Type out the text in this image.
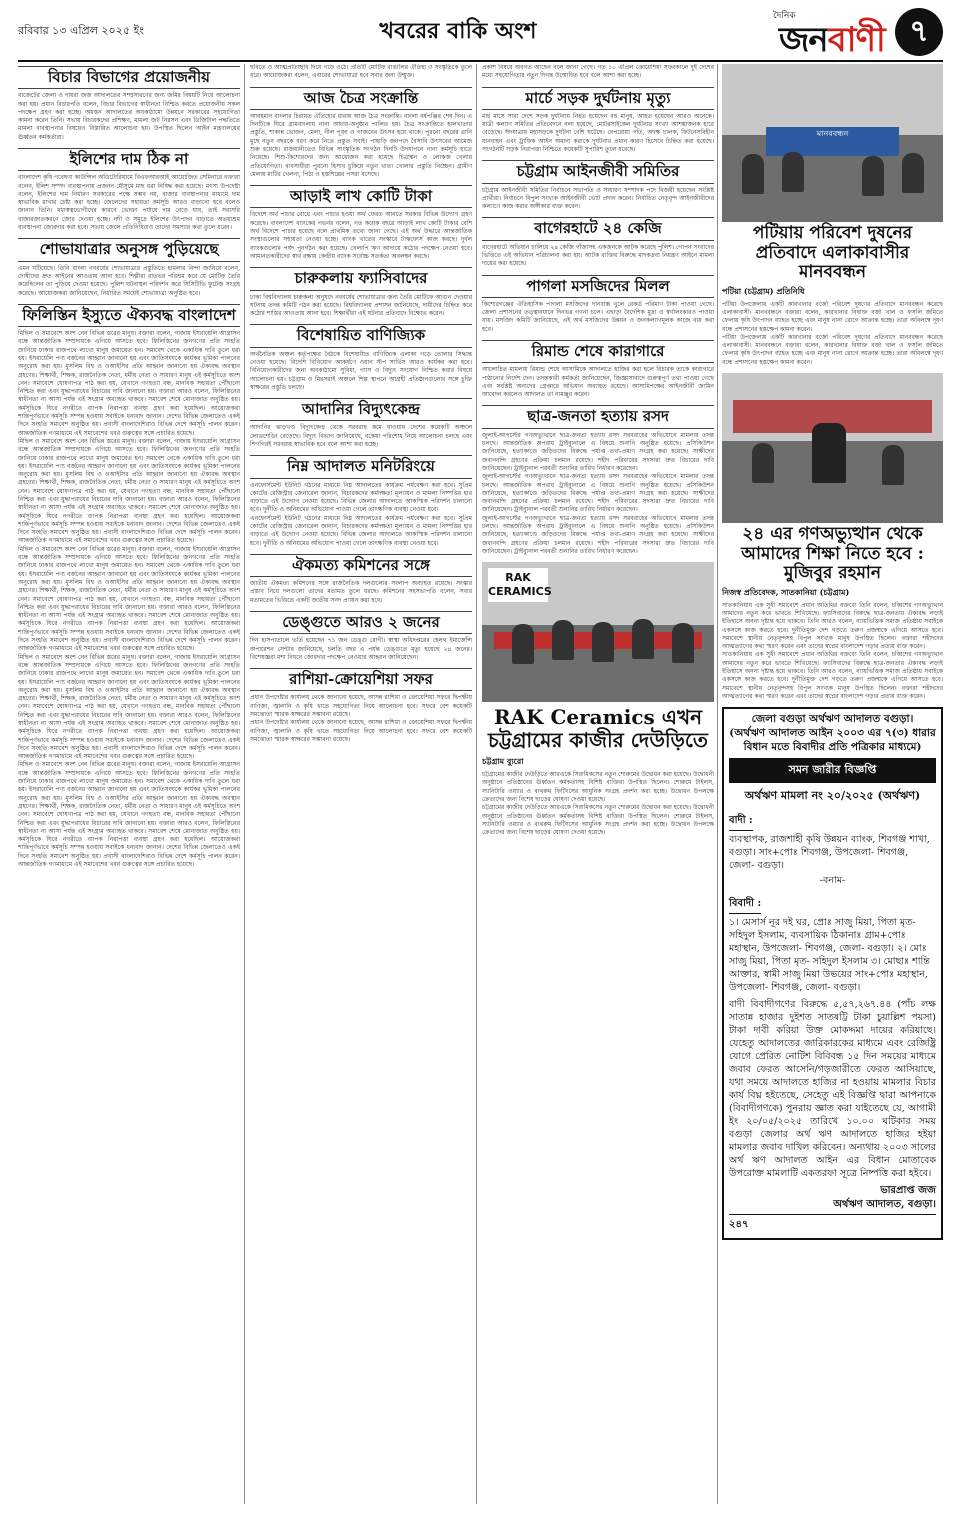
রবিবার ১৩ এপ্রিল ২০২৫ ইং	খবরের বাকি অংশ
দৈনিক
জনবাণী ৭
বিচার বিভাগের প্রয়োজনীয়

বাজেটের জেলা ও দায়রা জজ আদালতের সম্প্রসারণের জন্য জমির বিষয়টি নিয়ে আলোচনা করা হয়। প্রধান বিচারপতি বলেন, বিচার বিভাগের স্বাধীনতা নিশ্চিত করতে প্রয়োজনীয় সকল পদক্ষেপ গ্রহণ করা হচ্ছে। অধস্তন আদালতের অবকাঠামো উন্নয়নে সরকারের সহযোগিতা কামনা করেন তিনি। সভায় বিচারকদের প্রশিক্ষণ, মামলা জট নিরসন এবং ডিজিটাল পদ্ধতিতে মামলা ব্যবস্থাপনার বিষয়েও বিস্তারিত আলোচনা হয়। উপস্থিত ছিলেন আইন মন্ত্রণালয়ের ঊর্ধ্বতন কর্মকর্তারা।

ইলিশের দাম ঠিক না

বাংলাদেশ কৃষি গবেষণা কাউন্সিল অডিটোরিয়ামে বিএফআরআই আয়োজিত সেমিনারে বক্তারা বলেন, ইলিশ সম্পদ ব্যবস্থাপনায় প্রজনন মৌসুমে মাছ ধরা নিষিদ্ধ করা হয়েছে। মৎস্য উপদেষ্টা বলেন, ইলিশের দাম নির্ধারণ সরকারের পক্ষে সম্ভব নয়, বাজার ব্যবস্থাপনার মাধ্যমে দাম স্বাভাবিক রাখার চেষ্টা করা হচ্ছে। জেলেদের সহায়তা কর্মসূচি আরও বাড়ানো হবে বলেও জানান তিনি। মধ্যস্বত্বভোগীদের কারণে ভোক্তা পর্যায়ে দাম বেড়ে যায়, তাই সরাসরি বাজারজাতকরণে জোর দেওয়া হচ্ছে। নদী ও সমুদ্রে ইলিশের উৎপাদন বাড়াতে অভয়াশ্রম ব্যবস্থাপনা জোরদার করা হবে। সভায় জেলে প্রতিনিধিরাও তাদের সমস্যার কথা তুলে ধরেন।

শোভাযাত্রার অনুসঙ্গ পুড়িয়েছে

এমন ঘটিয়েছে। তিনি বাংলা নববর্ষের শোভাযাত্রার প্রস্তুতিতে হামলার নিন্দা জানিয়ে বলেন, দোষীদের দ্রুত আইনের আওতায় আনা হবে। শিল্পীরা রাতভর পরিশ্রম করে যে মোটিফ তৈরি করেছিলেন তা পুড়িয়ে দেওয়া হয়েছে। পুলিশ ঘটনাস্থল পরিদর্শন করে সিসিটিভি ফুটেজ সংগ্রহ করেছে। আয়োজকরা জানিয়েছেন, নির্ধারিত সময়েই শোভাযাত্রা অনুষ্ঠিত হবে।

ফিলিস্তিন ইস্যুতে ঐক্যবদ্ধ বাংলাদেশ

মিছিল ও সমাবেশে অংশ নেন বিভিন্ন স্তরের মানুষ। বক্তারা বলেন, গাজায় ইসরায়েলি আগ্রাসন বন্ধে আন্তর্জাতিক সম্প্রদায়কে এগিয়ে আসতে হবে। ফিলিস্তিনের জনগণের প্রতি সংহতি জানিয়ে ঢাকার রাজপথে লাখো মানুষ জমায়েত হন। সমাবেশ থেকে একাধিক দাবি তুলে ধরা হয়। ইসরায়েলি পণ্য বর্জনের আহ্বান জানানো হয় এবং জাতিসংঘকে কার্যকর ভূমিকা পালনের অনুরোধ করা হয়। মুসলিম বিশ্ব ও ওআইসির প্রতি আহ্বান জানানো হয় ঐক্যবদ্ধ অবস্থান গ্রহণের। শিক্ষার্থী, শিক্ষক, রাজনৈতিক নেতা, ধর্মীয় নেতা ও সাধারণ মানুষ এই কর্মসূচিতে অংশ নেন। সমাবেশে ঘোষণাপত্র পাঠ করা হয়, যেখানে গণহত্যা বন্ধ, মানবিক সহায়তা পৌঁছানো নিশ্চিত করা এবং যুদ্ধাপরাধের বিচারের দাবি জানানো হয়। বক্তারা আরও বলেন, ফিলিস্তিনের স্বাধীনতা না আসা পর্যন্ত এই সংগ্রাম অব্যাহত থাকবে। সমাবেশ শেষে মোনাজাত অনুষ্ঠিত হয়। কর্মসূচিকে ঘিরে নগরীতে ব্যাপক নিরাপত্তা ব্যবস্থা গ্রহণ করা হয়েছিল। আয়োজকরা শান্তিপূর্ণভাবে কর্মসূচি সম্পন্ন হওয়ায় সবাইকে ধন্যবাদ জানান। দেশের বিভিন্ন জেলাতেও একই দিনে সংহতি সমাবেশ অনুষ্ঠিত হয়। প্রবাসী বাংলাদেশিরাও বিভিন্ন দেশে কর্মসূচি পালন করেন। আন্তর্জাতিক গণমাধ্যমে এই সমাবেশের খবর গুরুত্বের সঙ্গে প্রচারিত হয়েছে।

মিছিল ও সমাবেশে অংশ নেন বিভিন্ন স্তরের মানুষ। বক্তারা বলেন, গাজায় ইসরায়েলি আগ্রাসন বন্ধে আন্তর্জাতিক সম্প্রদায়কে এগিয়ে আসতে হবে। ফিলিস্তিনের জনগণের প্রতি সংহতি জানিয়ে ঢাকার রাজপথে লাখো মানুষ জমায়েত হন। সমাবেশ থেকে একাধিক দাবি তুলে ধরা হয়। ইসরায়েলি পণ্য বর্জনের আহ্বান জানানো হয় এবং জাতিসংঘকে কার্যকর ভূমিকা পালনের অনুরোধ করা হয়। মুসলিম বিশ্ব ও ওআইসির প্রতি আহ্বান জানানো হয় ঐক্যবদ্ধ অবস্থান গ্রহণের। শিক্ষার্থী, শিক্ষক, রাজনৈতিক নেতা, ধর্মীয় নেতা ও সাধারণ মানুষ এই কর্মসূচিতে অংশ নেন। সমাবেশে ঘোষণাপত্র পাঠ করা হয়, যেখানে গণহত্যা বন্ধ, মানবিক সহায়তা পৌঁছানো নিশ্চিত করা এবং যুদ্ধাপরাধের বিচারের দাবি জানানো হয়। বক্তারা আরও বলেন, ফিলিস্তিনের স্বাধীনতা না আসা পর্যন্ত এই সংগ্রাম অব্যাহত থাকবে। সমাবেশ শেষে মোনাজাত অনুষ্ঠিত হয়। কর্মসূচিকে ঘিরে নগরীতে ব্যাপক নিরাপত্তা ব্যবস্থা গ্রহণ করা হয়েছিল। আয়োজকরা শান্তিপূর্ণভাবে কর্মসূচি সম্পন্ন হওয়ায় সবাইকে ধন্যবাদ জানান। দেশের বিভিন্ন জেলাতেও একই দিনে সংহতি সমাবেশ অনুষ্ঠিত হয়। প্রবাসী বাংলাদেশিরাও বিভিন্ন দেশে কর্মসূচি পালন করেন। আন্তর্জাতিক গণমাধ্যমে এই সমাবেশের খবর গুরুত্বের সঙ্গে প্রচারিত হয়েছে।

মিছিল ও সমাবেশে অংশ নেন বিভিন্ন স্তরের মানুষ। বক্তারা বলেন, গাজায় ইসরায়েলি আগ্রাসন বন্ধে আন্তর্জাতিক সম্প্রদায়কে এগিয়ে আসতে হবে। ফিলিস্তিনের জনগণের প্রতি সংহতি জানিয়ে ঢাকার রাজপথে লাখো মানুষ জমায়েত হন। সমাবেশ থেকে একাধিক দাবি তুলে ধরা হয়। ইসরায়েলি পণ্য বর্জনের আহ্বান জানানো হয় এবং জাতিসংঘকে কার্যকর ভূমিকা পালনের অনুরোধ করা হয়। মুসলিম বিশ্ব ও ওআইসির প্রতি আহ্বান জানানো হয় ঐক্যবদ্ধ অবস্থান গ্রহণের। শিক্ষার্থী, শিক্ষক, রাজনৈতিক নেতা, ধর্মীয় নেতা ও সাধারণ মানুষ এই কর্মসূচিতে অংশ নেন। সমাবেশে ঘোষণাপত্র পাঠ করা হয়, যেখানে গণহত্যা বন্ধ, মানবিক সহায়তা পৌঁছানো নিশ্চিত করা এবং যুদ্ধাপরাধের বিচারের দাবি জানানো হয়। বক্তারা আরও বলেন, ফিলিস্তিনের স্বাধীনতা না আসা পর্যন্ত এই সংগ্রাম অব্যাহত থাকবে। সমাবেশ শেষে মোনাজাত অনুষ্ঠিত হয়। কর্মসূচিকে ঘিরে নগরীতে ব্যাপক নিরাপত্তা ব্যবস্থা গ্রহণ করা হয়েছিল। আয়োজকরা শান্তিপূর্ণভাবে কর্মসূচি সম্পন্ন হওয়ায় সবাইকে ধন্যবাদ জানান। দেশের বিভিন্ন জেলাতেও একই দিনে সংহতি সমাবেশ অনুষ্ঠিত হয়। প্রবাসী বাংলাদেশিরাও বিভিন্ন দেশে কর্মসূচি পালন করেন। আন্তর্জাতিক গণমাধ্যমে এই সমাবেশের খবর গুরুত্বের সঙ্গে প্রচারিত হয়েছে।

মিছিল ও সমাবেশে অংশ নেন বিভিন্ন স্তরের মানুষ। বক্তারা বলেন, গাজায় ইসরায়েলি আগ্রাসন বন্ধে আন্তর্জাতিক সম্প্রদায়কে এগিয়ে আসতে হবে। ফিলিস্তিনের জনগণের প্রতি সংহতি জানিয়ে ঢাকার রাজপথে লাখো মানুষ জমায়েত হন। সমাবেশ থেকে একাধিক দাবি তুলে ধরা হয়। ইসরায়েলি পণ্য বর্জনের আহ্বান জানানো হয় এবং জাতিসংঘকে কার্যকর ভূমিকা পালনের অনুরোধ করা হয়। মুসলিম বিশ্ব ও ওআইসির প্রতি আহ্বান জানানো হয় ঐক্যবদ্ধ অবস্থান গ্রহণের। শিক্ষার্থী, শিক্ষক, রাজনৈতিক নেতা, ধর্মীয় নেতা ও সাধারণ মানুষ এই কর্মসূচিতে অংশ নেন। সমাবেশে ঘোষণাপত্র পাঠ করা হয়, যেখানে গণহত্যা বন্ধ, মানবিক সহায়তা পৌঁছানো নিশ্চিত করা এবং যুদ্ধাপরাধের বিচারের দাবি জানানো হয়। বক্তারা আরও বলেন, ফিলিস্তিনের স্বাধীনতা না আসা পর্যন্ত এই সংগ্রাম অব্যাহত থাকবে। সমাবেশ শেষে মোনাজাত অনুষ্ঠিত হয়। কর্মসূচিকে ঘিরে নগরীতে ব্যাপক নিরাপত্তা ব্যবস্থা গ্রহণ করা হয়েছিল। আয়োজকরা শান্তিপূর্ণভাবে কর্মসূচি সম্পন্ন হওয়ায় সবাইকে ধন্যবাদ জানান। দেশের বিভিন্ন জেলাতেও একই দিনে সংহতি সমাবেশ অনুষ্ঠিত হয়। প্রবাসী বাংলাদেশিরাও বিভিন্ন দেশে কর্মসূচি পালন করেন। আন্তর্জাতিক গণমাধ্যমে এই সমাবেশের খবর গুরুত্বের সঙ্গে প্রচারিত হয়েছে।

মিছিল ও সমাবেশে অংশ নেন বিভিন্ন স্তরের মানুষ। বক্তারা বলেন, গাজায় ইসরায়েলি আগ্রাসন বন্ধে আন্তর্জাতিক সম্প্রদায়কে এগিয়ে আসতে হবে। ফিলিস্তিনের জনগণের প্রতি সংহতি জানিয়ে ঢাকার রাজপথে লাখো মানুষ জমায়েত হন। সমাবেশ থেকে একাধিক দাবি তুলে ধরা হয়। ইসরায়েলি পণ্য বর্জনের আহ্বান জানানো হয় এবং জাতিসংঘকে কার্যকর ভূমিকা পালনের অনুরোধ করা হয়। মুসলিম বিশ্ব ও ওআইসির প্রতি আহ্বান জানানো হয় ঐক্যবদ্ধ অবস্থান গ্রহণের। শিক্ষার্থী, শিক্ষক, রাজনৈতিক নেতা, ধর্মীয় নেতা ও সাধারণ মানুষ এই কর্মসূচিতে অংশ নেন। সমাবেশে ঘোষণাপত্র পাঠ করা হয়, যেখানে গণহত্যা বন্ধ, মানবিক সহায়তা পৌঁছানো নিশ্চিত করা এবং যুদ্ধাপরাধের বিচারের দাবি জানানো হয়। বক্তারা আরও বলেন, ফিলিস্তিনের স্বাধীনতা না আসা পর্যন্ত এই সংগ্রাম অব্যাহত থাকবে। সমাবেশ শেষে মোনাজাত অনুষ্ঠিত হয়। কর্মসূচিকে ঘিরে নগরীতে ব্যাপক নিরাপত্তা ব্যবস্থা গ্রহণ করা হয়েছিল। আয়োজকরা শান্তিপূর্ণভাবে কর্মসূচি সম্পন্ন হওয়ায় সবাইকে ধন্যবাদ জানান। দেশের বিভিন্ন জেলাতেও একই দিনে সংহতি সমাবেশ অনুষ্ঠিত হয়। প্রবাসী বাংলাদেশিরাও বিভিন্ন দেশে কর্মসূচি পালন করেন। আন্তর্জাতিক গণমাধ্যমে এই সমাবেশের খবর গুরুত্বের সঙ্গে প্রচারিত হয়েছে।

ছবিতে ও আত্মপ্রতিচ্ছবি দিয়ে গড়ে ওঠে। প্রতিটি মোটিফ বাঙালির ঐতিহ্য ও সংস্কৃতিকে তুলে ধরে। আয়োজকরা বলেন, এবারের শোভাযাত্রা হবে সবার জন্য উন্মুক্ত।

আজ চৈত্র সংক্রান্তি

আবহমান বাংলার চিরায়ত ঐতিহ্যের ধারায় আজ চৈত্র সংক্রান্তি। বাংলা বর্ষপঞ্জির শেষ দিন। এ দিনটিকে ঘিরে গ্রামবাংলায় নানা আচার-অনুষ্ঠান পালিত হয়। চৈত্র সংক্রান্তিতে হালখাতার প্রস্তুতি, শাকান্ন ভোজন, মেলা, নীল পূজা ও গাজনের উৎসব হয়ে থাকে। পুরনো বছরের গ্লানি মুছে নতুন বছরকে বরণ করে নিতে প্রস্তুত সবাই। পাহাড়ি জনপদে বৈসাবি উৎসবের আমেজ শুরু হয়েছে। রাজধানীতেও বিভিন্ন সাংস্কৃতিক সংগঠন দিনটি উদযাপনে নানা কর্মসূচি হাতে নিয়েছে। শিশু-কিশোরদের জন্য আয়োজন করা হয়েছে চিত্রাঙ্কন ও লোকজ খেলার প্রতিযোগিতা। ব্যবসায়ীরা পুরনো হিসাব চুকিয়ে নতুন খাতা খোলার প্রস্তুতি নিচ্ছেন। গ্রামীণ মেলায় মাটির খেলনা, পিঠা ও হস্তশিল্পের পসরা বসেছে।

আড়াই লাখ কোটি টাকা

বিদেশে অর্থ পাচার রোধে এবং পাচার হওয়া অর্থ ফেরত আনতে সরকার বিভিন্ন উদ্যোগ গ্রহণ করেছে। বাংলাদেশ ব্যাংকের গভর্নর বলেন, গত কয়েক বছরে আড়াই লাখ কোটি টাকার বেশি অর্থ বিদেশে পাচার হয়েছে বলে প্রাথমিক তথ্যে জানা গেছে। এই অর্থ উদ্ধারে আন্তর্জাতিক সংস্থাগুলোর সহায়তা নেওয়া হচ্ছে। ব্যাংক খাতের সংস্কারে টাস্কফোর্স কাজ করছে। দুর্বল ব্যাংকগুলোর পর্ষদ পুনর্গঠন করা হয়েছে। খেলাপি ঋণ আদায়ে কঠোর পদক্ষেপ নেওয়া হবে। আমানতকারীদের স্বার্থ রক্ষায় কেন্দ্রীয় ব্যাংক সর্বোচ্চ সতর্কতা অবলম্বন করছে।

চারুকলায় ফ্যাসিবাদের

ঢাকা বিশ্ববিদ্যালয় চারুকলা অনুষদে নববর্ষের শোভাযাত্রার জন্য তৈরি মোটিফে আগুন দেওয়ার ঘটনায় তদন্ত কমিটি গঠন করা হয়েছে। বিশ্ববিদ্যালয় প্রশাসন জানিয়েছে, দায়ীদের চিহ্নিত করে কঠোর শাস্তির আওতায় আনা হবে। শিক্ষার্থীরা এই ঘটনার প্রতিবাদে বিক্ষোভ করেন।

বিশেষায়িত বাণিজ্যিক

অর্থনৈতিক অঞ্চল কর্তৃপক্ষের বৈঠকে বিশেষায়িত বাণিজ্যিক এলাকা গড়ে তোলার সিদ্ধান্ত নেওয়া হয়েছে। বিদেশি বিনিয়োগ আকর্ষণে ওয়ান স্টপ সার্ভিস আরও কার্যকর করা হবে। বিনিয়োগকারীদের জন্য অবকাঠামো সুবিধা, গ্যাস ও বিদ্যুৎ সংযোগ নিশ্চিত করার বিষয়ে আলোচনা হয়। চট্টগ্রাম ও মিরসরাই অঞ্চলে শিল্প স্থাপনে আগ্রহী প্রতিষ্ঠানগুলোর সঙ্গে চুক্তি স্বাক্ষরের প্রস্তুতি চলছে।

আদানির বিদ্যুৎকেন্দ্র

আদানির ঝাড়খণ্ড বিদ্যুৎকেন্দ্র থেকে সরবরাহ কমে যাওয়ায় দেশের কয়েকটি অঞ্চলে লোডশেডিং বেড়েছে। বিদ্যুৎ বিভাগ জানিয়েছে, বকেয়া পরিশোধ নিয়ে আলোচনা চলছে এবং শিগগিরই সরবরাহ স্বাভাবিক হবে বলে আশা করা হচ্ছে।

নিম্ন আদালত মনিটরিংয়ে

এনফোর্সমেন্ট ইউনিট গঠনের মাধ্যমে নিম্ন আদালতের কার্যক্রম পর্যবেক্ষণ করা হবে। সুপ্রিম কোর্টের রেজিস্ট্রার জেনারেল জানান, বিচারকদের কর্মদক্ষতা মূল্যায়ন ও মামলা নিষ্পত্তির হার বাড়াতে এই উদ্যোগ নেওয়া হয়েছে। বিভিন্ন জেলার আদালতে আকস্মিক পরিদর্শন চালানো হবে। দুর্নীতি ও অনিয়মের অভিযোগ পাওয়া গেলে তাৎক্ষণিক ব্যবস্থা নেওয়া হবে।

এনফোর্সমেন্ট ইউনিট গঠনের মাধ্যমে নিম্ন আদালতের কার্যক্রম পর্যবেক্ষণ করা হবে। সুপ্রিম কোর্টের রেজিস্ট্রার জেনারেল জানান, বিচারকদের কর্মদক্ষতা মূল্যায়ন ও মামলা নিষ্পত্তির হার বাড়াতে এই উদ্যোগ নেওয়া হয়েছে। বিভিন্ন জেলার আদালতে আকস্মিক পরিদর্শন চালানো হবে। দুর্নীতি ও অনিয়মের অভিযোগ পাওয়া গেলে তাৎক্ষণিক ব্যবস্থা নেওয়া হবে।

ঐকমত্য কমিশনের সঙ্গে

জাতীয় ঐকমত্য কমিশনের সঙ্গে রাজনৈতিক দলগুলোর সংলাপ অব্যাহত রয়েছে। সংস্কার প্রস্তাব নিয়ে দলগুলো তাদের মতামত তুলে ধরছে। কমিশনের সহসভাপতি বলেন, সবার মতামতের ভিত্তিতে একটি জাতীয় সনদ প্রণয়ন করা হবে।

ডেঙ্গুতে আরও ২ জনের

দিন হাসপাতালে ভর্তি হয়েছেন ৭১ জন ডেঙ্গু রোগী। স্বাস্থ্য অধিদপ্তরের হেলথ ইমার্জেন্সি অপারেশন সেন্টার জানিয়েছে, চলতি বছর এ পর্যন্ত ডেঙ্গুতে মৃত্যু হয়েছে ২৪ জনের। বিশেষজ্ঞরা মশা নিধনে জোরদার পদক্ষেপ নেওয়ার আহ্বান জানিয়েছেন।

রাশিয়া-ক্রোয়েশিয়া সফর

প্রধান উপদেষ্টার কার্যালয় থেকে জানানো হয়েছে, আসন্ন রাশিয়া ও ক্রোয়েশিয়া সফরে দ্বিপক্ষীয় বাণিজ্য, জ্বালানি ও কৃষি খাতে সহযোগিতা নিয়ে আলোচনা হবে। সফরে বেশ কয়েকটি সমঝোতা স্মারক স্বাক্ষরের সম্ভাবনা রয়েছে।

প্রধান উপদেষ্টার কার্যালয় থেকে জানানো হয়েছে, আসন্ন রাশিয়া ও ক্রোয়েশিয়া সফরে দ্বিপক্ষীয় বাণিজ্য, জ্বালানি ও কৃষি খাতে সহযোগিতা নিয়ে আলোচনা হবে। সফরে বেশ কয়েকটি সমঝোতা স্মারক স্বাক্ষরের সম্ভাবনা রয়েছে।

প্রকাশ বিষয়ে অবগত আছেন বলে জানা গেছে। গত ১০ এপ্রিল ক্রোয়েশিয়া সফরকালে দুই দেশের মধ্যে সহযোগিতার নতুন দিগন্ত উন্মোচিত হবে বলে আশা করা হচ্ছে।

মার্চে সড়ক দুর্ঘটনায় মৃত্যু

মার্চ মাসে সারা দেশে সড়ক দুর্ঘটনায় নিহত হয়েছেন বহু মানুষ, আহত হয়েছেন আরও অনেকে। যাত্রী কল্যাণ সমিতির প্রতিবেদনে বলা হয়েছে, মোটরসাইকেল দুর্ঘটনার সংখ্যা আশঙ্কাজনক হারে বেড়েছে। ঈদযাত্রায় মহাসড়কে দুর্ঘটনা বেশি ঘটেছে। বেপরোয়া গতি, অদক্ষ চালক, ফিটনেসবিহীন যানবাহন এবং ট্রাফিক আইন অমান্য করাকে দুর্ঘটনার প্রধান কারণ হিসেবে চিহ্নিত করা হয়েছে। সংগঠনটি সড়ক নিরাপত্তা নিশ্চিতে কয়েকটি সুপারিশ তুলে ধরেছে।

চট্টগ্রাম আইনজীবী সমিতির

চট্টগ্রাম আইনজীবী সমিতির নির্বাচনে সভাপতি ও সাধারণ সম্পাদক পদে বিজয়ী হয়েছেন সংশ্লিষ্ট প্রার্থীরা। নির্বাচনে বিপুল সংখ্যক আইনজীবী ভোট প্রদান করেন। নির্বাচিত নেতৃবৃন্দ আইনজীবীদের কল্যাণে কাজ করার অঙ্গীকার ব্যক্ত করেন।

বাগেরহাটে ২৪ কেজি

বাগেরহাটে অভিযান চালিয়ে ২৪ কেজি গাঁজাসহ একজনকে আটক করেছে পুলিশ। গোপন সংবাদের ভিত্তিতে এই অভিযান পরিচালনা করা হয়। আটক ব্যক্তির বিরুদ্ধে মাদকদ্রব্য নিয়ন্ত্রণ আইনে মামলা দায়ের করা হয়েছে।

পাগলা মসজিদের মিলল

কিশোরগঞ্জের ঐতিহাসিক পাগলা মসজিদের দানবাক্স খুলে রেকর্ড পরিমাণ টাকা পাওয়া গেছে। জেলা প্রশাসনের তত্ত্বাবধানে দিনভর গণনা চলে। এছাড়া বৈদেশিক মুদ্রা ও স্বর্ণালংকারও পাওয়া যায়। মসজিদ কমিটি জানিয়েছে, এই অর্থ মসজিদের উন্নয়ন ও জনকল্যাণমূলক কাজে ব্যয় করা হবে।

রিমান্ড শেষে কারাগারে

আলোচিত মামলায় রিমান্ড শেষে আসামিকে আদালতে হাজির করা হলে বিচারক তাকে কারাগারে পাঠানোর নির্দেশ দেন। তদন্তকারী কর্মকর্তা জানিয়েছেন, জিজ্ঞাসাবাদে গুরুত্বপূর্ণ তথ্য পাওয়া গেছে এবং সংশ্লিষ্ট অন্যদের গ্রেপ্তারে অভিযান অব্যাহত রয়েছে। আসামিপক্ষের আইনজীবী জামিন আবেদন করলেও আদালত তা নামঞ্জুর করেন।

ছাত্র-জনতা হত্যায় রসদ

জুলাই-আগস্টের গণঅভ্যুত্থানে ছাত্র-জনতা হত্যায় রসদ সরবরাহের অভিযোগে মামলার তদন্ত চলছে। আন্তর্জাতিক অপরাধ ট্রাইব্যুনালে এ বিষয়ে শুনানি অনুষ্ঠিত হয়েছে। প্রসিকিউশন জানিয়েছে, হত্যাকাণ্ডে জড়িতদের বিরুদ্ধে পর্যাপ্ত তথ্য-প্রমাণ সংগ্রহ করা হয়েছে। সাক্ষীদের জবানবন্দি গ্রহণের প্রক্রিয়া চলমান রয়েছে। শহীদ পরিবারের সদস্যরা দ্রুত বিচারের দাবি জানিয়েছেন। ট্রাইব্যুনাল পরবর্তী শুনানির তারিখ নির্ধারণ করেছেন।

জুলাই-আগস্টের গণঅভ্যুত্থানে ছাত্র-জনতা হত্যায় রসদ সরবরাহের অভিযোগে মামলার তদন্ত চলছে। আন্তর্জাতিক অপরাধ ট্রাইব্যুনালে এ বিষয়ে শুনানি অনুষ্ঠিত হয়েছে। প্রসিকিউশন জানিয়েছে, হত্যাকাণ্ডে জড়িতদের বিরুদ্ধে পর্যাপ্ত তথ্য-প্রমাণ সংগ্রহ করা হয়েছে। সাক্ষীদের জবানবন্দি গ্রহণের প্রক্রিয়া চলমান রয়েছে। শহীদ পরিবারের সদস্যরা দ্রুত বিচারের দাবি জানিয়েছেন। ট্রাইব্যুনাল পরবর্তী শুনানির তারিখ নির্ধারণ করেছেন।

জুলাই-আগস্টের গণঅভ্যুত্থানে ছাত্র-জনতা হত্যায় রসদ সরবরাহের অভিযোগে মামলার তদন্ত চলছে। আন্তর্জাতিক অপরাধ ট্রাইব্যুনালে এ বিষয়ে শুনানি অনুষ্ঠিত হয়েছে। প্রসিকিউশন জানিয়েছে, হত্যাকাণ্ডে জড়িতদের বিরুদ্ধে পর্যাপ্ত তথ্য-প্রমাণ সংগ্রহ করা হয়েছে। সাক্ষীদের জবানবন্দি গ্রহণের প্রক্রিয়া চলমান রয়েছে। শহীদ পরিবারের সদস্যরা দ্রুত বিচারের দাবি জানিয়েছেন। ট্রাইব্যুনাল পরবর্তী শুনানির তারিখ নির্ধারণ করেছেন।

RAK CERAMICS
RAK Ceramics এখন চট্টগ্রামের কাজীর দেউড়িতে
চট্টগ্রাম ব্যুরো

চট্টগ্রামের কাজীর দেউড়িতে আরএকে সিরামিকসের নতুন শোরুমের উদ্বোধন করা হয়েছে। উদ্বোধনী অনুষ্ঠানে প্রতিষ্ঠানের ঊর্ধ্বতন কর্মকর্তাসহ বিশিষ্ট ব্যক্তিরা উপস্থিত ছিলেন। শোরুমে টাইলস, স্যানিটারি ওয়্যার ও বাথরুম ফিটিংসের আধুনিক সংগ্রহ প্রদর্শন করা হচ্ছে। উদ্বোধন উপলক্ষে ক্রেতাদের জন্য বিশেষ ছাড়ের ঘোষণা দেওয়া হয়েছে।

চট্টগ্রামের কাজীর দেউড়িতে আরএকে সিরামিকসের নতুন শোরুমের উদ্বোধন করা হয়েছে। উদ্বোধনী অনুষ্ঠানে প্রতিষ্ঠানের ঊর্ধ্বতন কর্মকর্তাসহ বিশিষ্ট ব্যক্তিরা উপস্থিত ছিলেন। শোরুমে টাইলস, স্যানিটারি ওয়্যার ও বাথরুম ফিটিংসের আধুনিক সংগ্রহ প্রদর্শন করা হচ্ছে। উদ্বোধন উপলক্ষে ক্রেতাদের জন্য বিশেষ ছাড়ের ঘোষণা দেওয়া হয়েছে।

মানববন্ধন
পটিয়ায় পরিবেশ দুষনের প্রতিবাদে এলাকাবাসীর মানববন্ধন
পটিয়া (চট্টগ্রাম) প্রতিনিধি

পটিয়া উপজেলায় একটি কারখানার বর্জ্যে পরিবেশ দূষণের প্রতিবাদে মানববন্ধন করেছে এলাকাবাসী। মানববন্ধনে বক্তারা বলেন, কারখানার বিষাক্ত বর্জ্য খাল ও ফসলি জমিতে ফেলায় কৃষি উৎপাদন ব্যাহত হচ্ছে এবং মানুষ নানা রোগে আক্রান্ত হচ্ছে। তারা অবিলম্বে দূষণ বন্ধে প্রশাসনের হস্তক্ষেপ কামনা করেন।

পটিয়া উপজেলায় একটি কারখানার বর্জ্যে পরিবেশ দূষণের প্রতিবাদে মানববন্ধন করেছে এলাকাবাসী। মানববন্ধনে বক্তারা বলেন, কারখানার বিষাক্ত বর্জ্য খাল ও ফসলি জমিতে ফেলায় কৃষি উৎপাদন ব্যাহত হচ্ছে এবং মানুষ নানা রোগে আক্রান্ত হচ্ছে। তারা অবিলম্বে দূষণ বন্ধে প্রশাসনের হস্তক্ষেপ কামনা করেন।

২৪ এর গণঅভ্যুত্থান থেকে আমাদের শিক্ষা নিতে হবে : মুজিবুর রহমান
নিজস্ব প্রতিবেদক, সাতকানিয়া (চট্টগ্রাম)

সাতকানিয়ায় এক সুধী সমাবেশে প্রধান অতিথির বক্তব্যে তিনি বলেন, চব্বিশের গণঅভ্যুত্থান আমাদের নতুন করে ভাবতে শিখিয়েছে। ফ্যাসিবাদের বিরুদ্ধে ছাত্র-জনতার ঐক্যবদ্ধ লড়াই ইতিহাসে অনন্য দৃষ্টান্ত হয়ে থাকবে। তিনি আরও বলেন, ন্যায়ভিত্তিক সমাজ প্রতিষ্ঠায় সবাইকে একসঙ্গে কাজ করতে হবে। দুর্নীতিমুক্ত দেশ গড়তে তরুণ প্রজন্মকে এগিয়ে আসতে হবে। সমাবেশে স্থানীয় নেতৃবৃন্দসহ বিপুল সংখ্যক মানুষ উপস্থিত ছিলেন। বক্তারা শহীদদের আত্মত্যাগের কথা স্মরণ করেন এবং তাদের স্বপ্নের বাংলাদেশ গড়ার প্রত্যয় ব্যক্ত করেন।

সাতকানিয়ায় এক সুধী সমাবেশে প্রধান অতিথির বক্তব্যে তিনি বলেন, চব্বিশের গণঅভ্যুত্থান আমাদের নতুন করে ভাবতে শিখিয়েছে। ফ্যাসিবাদের বিরুদ্ধে ছাত্র-জনতার ঐক্যবদ্ধ লড়াই ইতিহাসে অনন্য দৃষ্টান্ত হয়ে থাকবে। তিনি আরও বলেন, ন্যায়ভিত্তিক সমাজ প্রতিষ্ঠায় সবাইকে একসঙ্গে কাজ করতে হবে। দুর্নীতিমুক্ত দেশ গড়তে তরুণ প্রজন্মকে এগিয়ে আসতে হবে। সমাবেশে স্থানীয় নেতৃবৃন্দসহ বিপুল সংখ্যক মানুষ উপস্থিত ছিলেন। বক্তারা শহীদদের আত্মত্যাগের কথা স্মরণ করেন এবং তাদের স্বপ্নের বাংলাদেশ গড়ার প্রত্যয় ব্যক্ত করেন।

জেলা বগুড়া অর্থঋণ আদালত বগুড়া।

(অর্থঋণ আদালত আইন ২০০৩ এর ৭(৩) ধারার বিধান মতে বিবাদীর প্রতি পত্রিকার মাধ্যমে)

সমন জারীর বিজ্ঞপ্তি
অর্থঋণ মামলা নং ২০/২০২৫ (অর্থঋণ)
বাদী :

ব্যবস্থাপক, রাজশাহী কৃষি উন্নয়ন ব্যাংক, শিবগঞ্জ শাখা, বগুড়া। সাং+পোঃ শিবগঞ্জ, উপজেলা- শিবগঞ্জ, জেলা- বগুড়া।

-বনাম-

বিবাদী :

১। মেসার্স নূর দই ঘর, প্রোঃ সাজু মিয়া, পিতা মৃত- সহিদুল ইসলাম, ব্যবসায়িক ঠিকানাঃ গ্রাম+পোঃ মহাস্থান, উপজেলা- শিবগঞ্জ, জেলা- বগুড়া। ২। মোঃ সাজু মিয়া, পিতা মৃত- সহিদুল ইসলাম ৩। মোছাঃ শান্তি আক্তার, স্বামী সাজু মিয়া উভয়ের সাং+পোঃ মহাস্থান, উপজেলা- শিবগঞ্জ, জেলা- বগুড়া।

বাদী বিবাদীগণের বিরুদ্ধে ৫,৫৭,২৬৭.৪৪ (পাঁচ লক্ষ সাতান্ন হাজার দুইশত সাতষট্টি টাকা চুয়াল্লিশ পয়সা) টাকা দাবী করিয়া উক্ত মোকদ্দমা দায়ের করিয়াছে। যেহেতু আদালতের জারিকারকের মাধ্যমে এবং রেজিষ্ট্রি যোগে প্রেরিত নোটিশ বিবিবন্ধ ১৫ দিন সময়ের মাধ্যমে জবাব ফেরত আসেনি/গড়জারীতে ফেরত আসিয়াছে, যথা সময়ে আদালতে হাজির না হওয়ায় মামলার বিচার কার্য বিঘ্ন হইতেছে, সেহেতু এই বিজ্ঞপ্তি দ্বারা আপনাকে (বিবাদীগণকে) পুনরায় জ্ঞাত করা যাইতেছে যে, আগামী ইং ২০/০৫/২০২৫ তারিখে ১০.০০ ঘটিকার সময় বগুড়া জেলার অর্থ ঋণ আদালতে হাজির হইয়া মামলার জবাব দাখিল করিবেন। অন্যথায় ২০০৩ সালের অর্থ ঋণ আদালত আইন এর বিধান মোতাবেক উপরোক্ত মামলাটি একতরফা সূত্রে নিষ্পত্তি করা হইবে।

ভারপ্রাপ্ত জজ
অর্থঋণ আদালত, বগুড়া।
২৪৭
